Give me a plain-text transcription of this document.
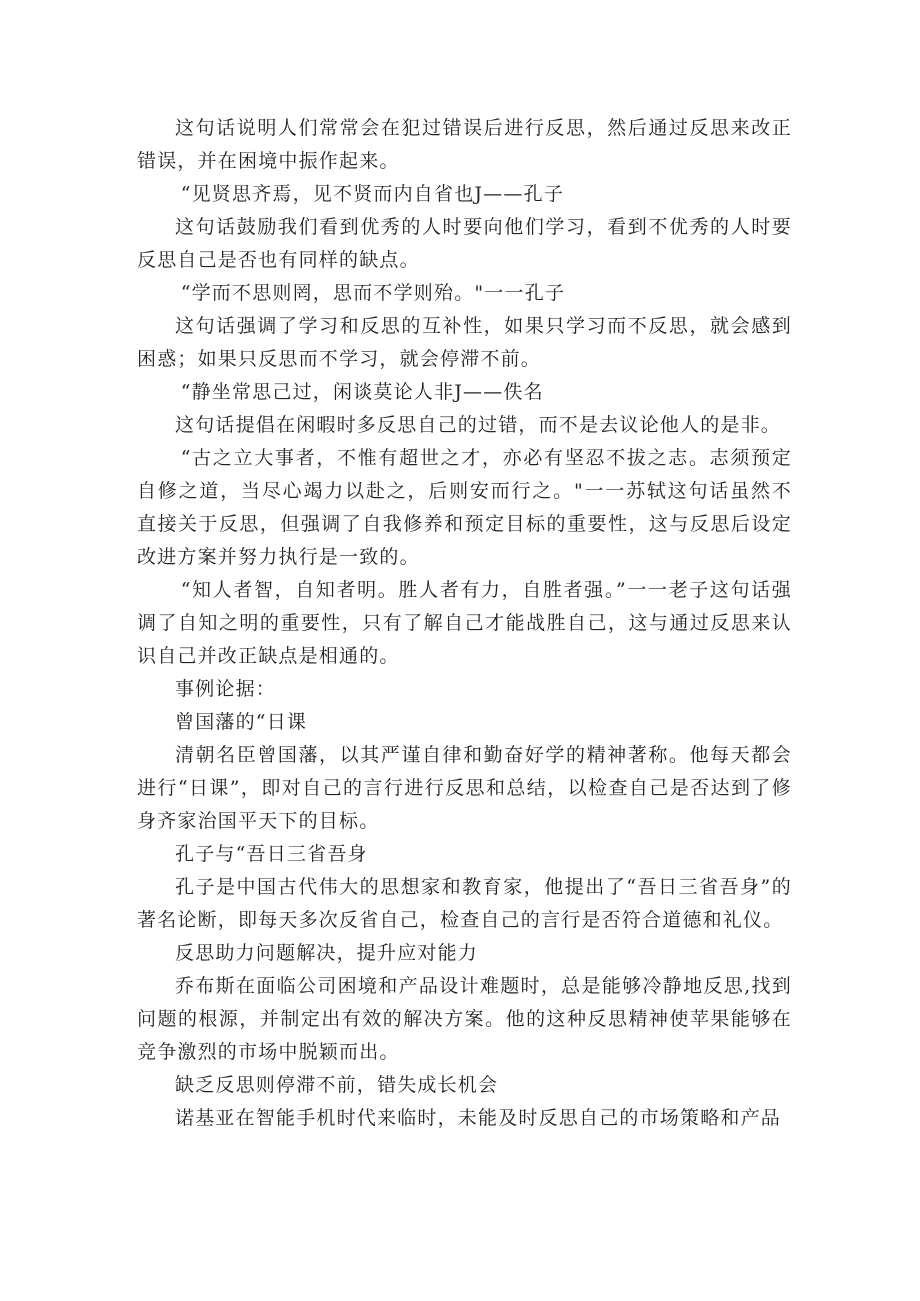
这句话说明人们常常会在犯过错误后进行反思，然后通过反思来改正错误，并在困境中振作起来。

“见贤思齐焉，见不贤而内自省也J——孔子

这句话鼓励我们看到优秀的人时要向他们学习，看到不优秀的人时要反思自己是否也有同样的缺点。

“学而不思则罔，思而不学则殆。"一一孔子

这句话强调了学习和反思的互补性，如果只学习而不反思，就会感到困惑；如果只反思而不学习，就会停滞不前。

“静坐常思己过，闲谈莫论人非J——佚名

这句话提倡在闲暇时多反思自己的过错，而不是去议论他人的是非。

“古之立大事者，不惟有超世之才，亦必有坚忍不拔之志。志须预定自修之道，当尽心竭力以赴之，后则安而行之。"一一苏轼这句话虽然不直接关于反思，但强调了自我修养和预定目标的重要性，这与反思后设定改进方案并努力执行是一致的。

“知人者智，自知者明。胜人者有力，自胜者强。”一一老子这句话强调了自知之明的重要性，只有了解自己才能战胜自己，这与通过反思来认识自己并改正缺点是相通的。

事例论据：

曾国藩的“日课

清朝名臣曾国藩，以其严谨自律和勤奋好学的精神著称。他每天都会进行“日课”，即对自己的言行进行反思和总结，以检查自己是否达到了修身齐家治国平天下的目标。

孔子与“吾日三省吾身

孔子是中国古代伟大的思想家和教育家，他提出了“吾日三省吾身”的著名论断，即每天多次反省自己，检查自己的言行是否符合道德和礼仪。

反思助力问题解决，提升应对能力

乔布斯在面临公司困境和产品设计难题时，总是能够冷静地反思,找到问题的根源，并制定出有效的解决方案。他的这种反思精神使苹果能够在竞争激烈的市场中脱颖而出。

缺乏反思则停滞不前，错失成长机会

诺基亚在智能手机时代来临时，未能及时反思自己的市场策略和产品
